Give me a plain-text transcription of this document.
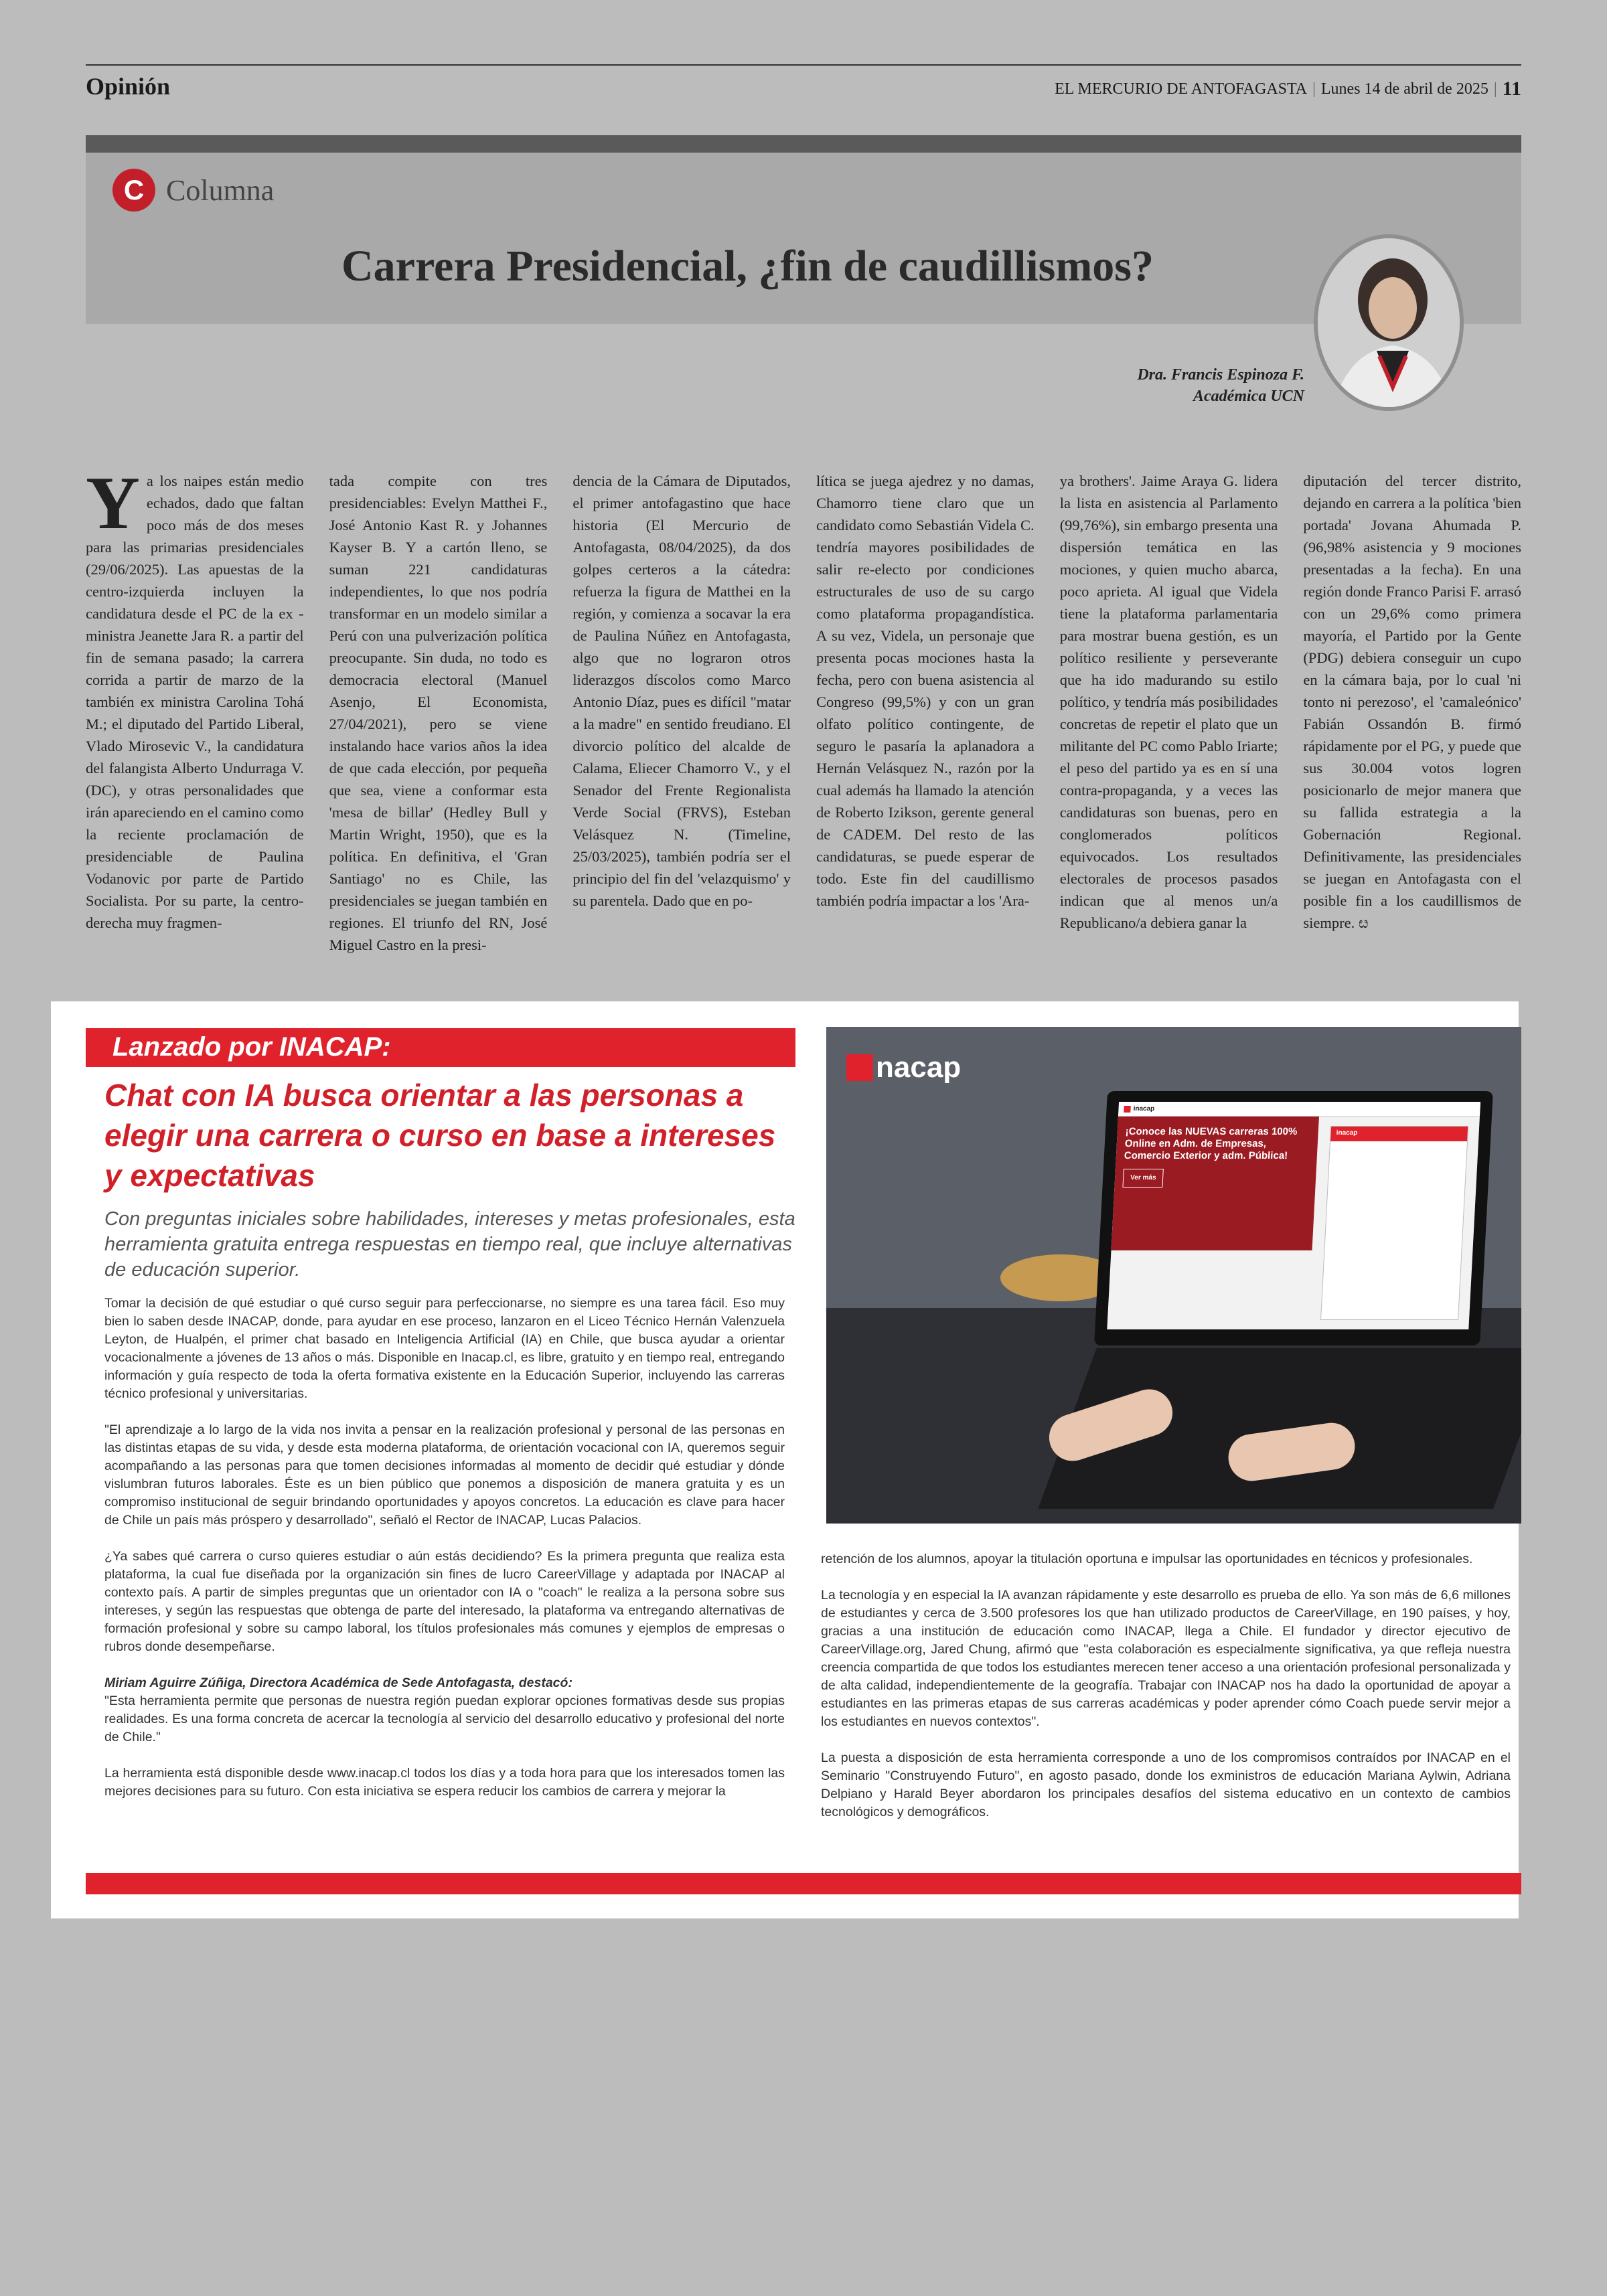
Opinión	EL MERCURIO DE ANTOFAGASTA | Lunes 14 de abril de 2025 | 11
C Columna
Carrera Presidencial, ¿fin de caudillismos?
Dra. Francis Espinoza F.
Académica UCN
Y a los naipes están medio echados, dado que faltan poco más de dos meses para las primarias presidenciales (29/06/2025). Las apuestas de la centro-izquierda incluyen la candidatura desde el PC de la ex -ministra Jeanette Jara R. a partir del fin de semana pasado; la carrera corrida a partir de marzo de la también ex ministra Carolina Tohá M.; el diputado del Partido Liberal, Vlado Mirosevic V., la candidatura del falangista Alberto Undurraga V. (DC), y otras personalidades que irán apareciendo en el camino como la reciente proclamación de presidenciable de Paulina Vodanovic por parte de Partido Socialista. Por su parte, la centro-derecha muy fragmen-
tada compite con tres presidenciables: Evelyn Matthei F., José Antonio Kast R. y Johannes Kayser B. Y a cartón lleno, se suman 221 candidaturas independientes, lo que nos podría transformar en un modelo similar a Perú con una pulverización política preocupante. Sin duda, no todo es democracia electoral (Manuel Asenjo, El Economista, 27/04/2021), pero se viene instalando hace varios años la idea de que cada elección, por pequeña que sea, viene a conformar esta 'mesa de billar' (Hedley Bull y Martin Wright, 1950), que es la política. En definitiva, el 'Gran Santiago' no es Chile, las presidenciales se juegan también en regiones. El triunfo del RN, José Miguel Castro en la presi-
dencia de la Cámara de Diputados, el primer antofagastino que hace historia (El Mercurio de Antofagasta, 08/04/2025), da dos golpes certeros a la cátedra: refuerza la figura de Matthei en la región, y comienza a socavar la era de Paulina Núñez en Antofagasta, algo que no lograron otros liderazgos díscolos como Marco Antonio Díaz, pues es difícil "matar a la madre" en sentido freudiano. El divorcio político del alcalde de Calama, Eliecer Chamorro V., y el Senador del Frente Regionalista Verde Social (FRVS), Esteban Velásquez N. (Timeline, 25/03/2025), también podría ser el principio del fin del 'velazquismo' y su parentela. Dado que en po-
lítica se juega ajedrez y no damas, Chamorro tiene claro que un candidato como Sebastián Videla C. tendría mayores posibilidades de salir re-electo por condiciones estructurales de uso de su cargo como plataforma propagandística. A su vez, Videla, un personaje que presenta pocas mociones hasta la fecha, pero con buena asistencia al Congreso (99,5%) y con un gran olfato político contingente, de seguro le pasaría la aplanadora a Hernán Velásquez N., razón por la cual además ha llamado la atención de Roberto Izikson, gerente general de CADEM. Del resto de las candidaturas, se puede esperar de todo. Este fin del caudillismo también podría impactar a los 'Ara-
ya brothers'. Jaime Araya G. lidera la lista en asistencia al Parlamento (99,76%), sin embargo presenta una dispersión temática en las mociones, y quien mucho abarca, poco aprieta. Al igual que Videla tiene la plataforma parlamentaria para mostrar buena gestión, es un político resiliente y perseverante que ha ido madurando su estilo político, y tendría más posibilidades concretas de repetir el plato que un militante del PC como Pablo Iriarte; el peso del partido ya es en sí una contra-propaganda, y a veces las candidaturas son buenas, pero en conglomerados políticos equivocados. Los resultados electorales de procesos pasados indican que al menos un/a Republicano/a debiera ganar la
diputación del tercer distrito, dejando en carrera a la política 'bien portada' Jovana Ahumada P. (96,98% asistencia y 9 mociones presentadas a la fecha). En una región donde Franco Parisi F. arrasó con un 29,6% como primera mayoría, el Partido por la Gente (PDG) debiera conseguir un cupo en la cámara baja, por lo cual 'ni tonto ni perezoso', el 'camaleónico' Fabián Ossandón B. firmó rápidamente por el PG, y puede que sus 30.004 votos logren posicionarlo de mejor manera que su fallida estrategia a la Gobernación Regional. Definitivamente, las presidenciales se juegan en Antofagasta con el posible fin a los caudillismos de siempre. ೞ
Lanzado por INACAP:
Chat con IA busca orientar a las personas a elegir una carrera o curso en base a intereses y expectativas

Con preguntas iniciales sobre habilidades, intereses y metas profesionales, esta herramienta gratuita entrega respuestas en tiempo real, que incluye alternativas de educación superior.

Tomar la decisión de qué estudiar o qué curso seguir para perfeccionarse, no siempre es una tarea fácil. Eso muy bien lo saben desde INACAP, donde, para ayudar en ese proceso, lanzaron en el Liceo Técnico Hernán Valenzuela Leyton, de Hualpén, el primer chat basado en Inteligencia Artificial (IA) en Chile, que busca ayudar a orientar vocacionalmente a jóvenes de 13 años o más. Disponible en Inacap.cl, es libre, gratuito y en tiempo real, entregando información y guía respecto de toda la oferta formativa existente en la Educación Superior, incluyendo las carreras técnico profesional y universitarias.

"El aprendizaje a lo largo de la vida nos invita a pensar en la realización profesional y personal de las personas en las distintas etapas de su vida, y desde esta moderna plataforma, de orientación vocacional con IA, queremos seguir acompañando a las personas para que tomen decisiones informadas al momento de decidir qué estudiar y dónde vislumbran futuros laborales. Éste es un bien público que ponemos a disposición de manera gratuita y es un compromiso institucional de seguir brindando oportunidades y apoyos concretos. La educación es clave para hacer de Chile un país más próspero y desarrollado", señaló el Rector de INACAP, Lucas Palacios.

¿Ya sabes qué carrera o curso quieres estudiar o aún estás decidiendo? Es la primera pregunta que realiza esta plataforma, la cual fue diseñada por la organización sin fines de lucro CareerVillage y adaptada por INACAP al contexto país. A partir de simples preguntas que un orientador con IA o "coach" le realiza a la persona sobre sus intereses, y según las respuestas que obtenga de parte del interesado, la plataforma va entregando alternativas de formación profesional y sobre su campo laboral, los títulos profesionales más comunes y ejemplos de empresas o rubros donde desempeñarse.

Miriam Aguirre Zúñiga, Directora Académica de Sede Antofagasta, destacó:

"Esta herramienta permite que personas de nuestra región puedan explorar opciones formativas desde sus propias realidades. Es una forma concreta de acercar la tecnología al servicio del desarrollo educativo y profesional del norte de Chile."

La herramienta está disponible desde www.inacap.cl todos los días y a toda hora para que los interesados tomen las mejores decisiones para su futuro. Con esta iniciativa se espera reducir los cambios de carrera y mejorar la

nacap
inacap
¡Conoce las NUEVAS carreras 100% Online en Adm. de Empresas, Comercio Exterior y adm. Pública!
Ver más
inacap

retención de los alumnos, apoyar la titulación oportuna e impulsar las oportunidades en técnicos y profesionales.

La tecnología y en especial la IA avanzan rápidamente y este desarrollo es prueba de ello. Ya son más de 6,6 millones de estudiantes y cerca de 3.500 profesores los que han utilizado productos de CareerVillage, en 190 países, y hoy, gracias a una institución de educación como INACAP, llega a Chile. El fundador y director ejecutivo de CareerVillage.org, Jared Chung, afirmó que "esta colaboración es especialmente significativa, ya que refleja nuestra creencia compartida de que todos los estudiantes merecen tener acceso a una orientación profesional personalizada y de alta calidad, independientemente de la geografía. Trabajar con INACAP nos ha dado la oportunidad de apoyar a estudiantes en las primeras etapas de sus carreras académicas y poder aprender cómo Coach puede servir mejor a los estudiantes en nuevos contextos".

La puesta a disposición de esta herramienta corresponde a uno de los compromisos contraídos por INACAP en el Seminario "Construyendo Futuro", en agosto pasado, donde los exministros de educación Mariana Aylwin, Adriana Delpiano y Harald Beyer abordaron los principales desafíos del sistema educativo en un contexto de cambios tecnológicos y demográficos.
